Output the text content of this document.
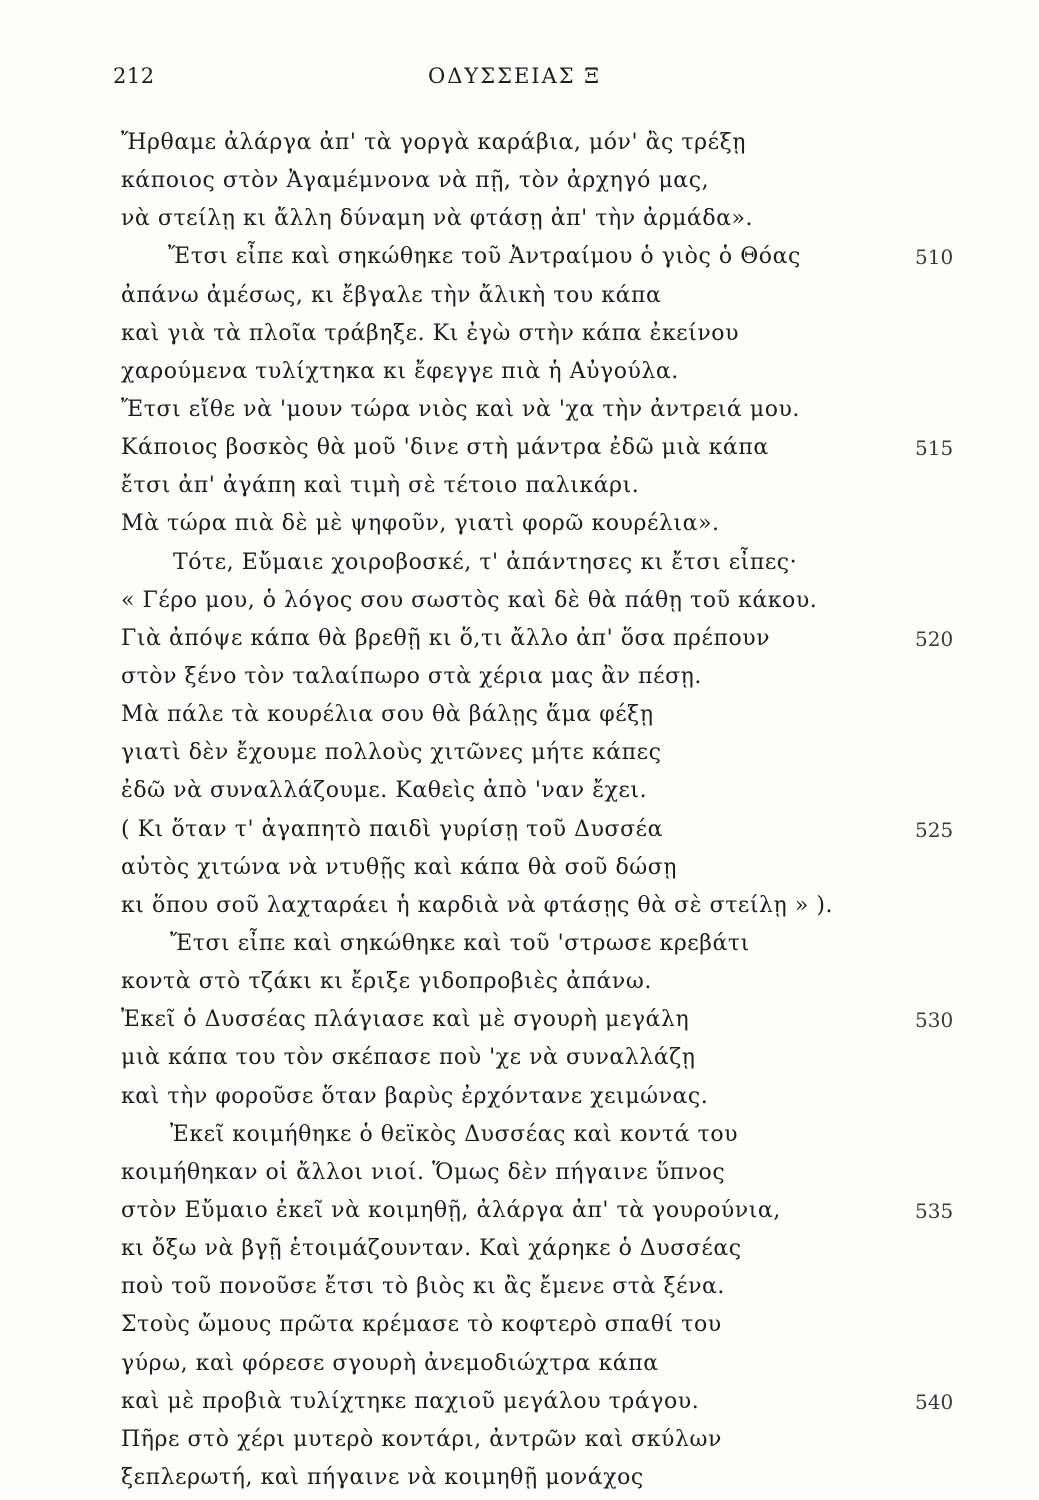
212	ΟΔΥΣΣΕΙΑΣ Ξ
Ἤρθαμε ἀλάργα ἀπ' τὰ γοργὰ καράβια, μόν' ἂς τρέξῃ
κάποιος στὸν Ἀγαμέμνονα νὰ πῇ, τὸν ἀρχηγό μας,
νὰ στείλῃ κι ἄλλη δύναμη νὰ φτάσῃ ἀπ' τὴν ἀρμάδα».
Ἔτσι εἶπε καὶ σηκώθηκε τοῦ Ἀντραίμου ὁ γιὸς ὁ Θόας	510
ἀπάνω ἀμέσως, κι ἔβγαλε τὴν ἄλικὴ του κάπα
καὶ γιὰ τὰ πλοῖα τράβηξε. Κι ἐγὼ στὴν κάπα ἐκείνου
χαρούμενα τυλίχτηκα κι ἔφεγγε πιὰ ἡ Αὐγούλα.
Ἔτσι εἴθε νὰ 'μουν τώρα νιὸς καὶ νὰ 'χα τὴν ἀντρειά μου.
Κάποιος βοσκὸς θὰ μοῦ 'δινε στὴ μάντρα ἐδῶ μιὰ κάπα	515
ἔτσι ἀπ' ἀγάπη καὶ τιμὴ σὲ τέτοιο παλικάρι.
Μὰ τώρα πιὰ δὲ μὲ ψηφοῦν, γιατὶ φορῶ κουρέλια».
Τότε, Εὔμαιε χοιροβοσκέ, τ' ἀπάντησες κι ἔτσι εἶπες·
« Γέρο μου, ὁ λόγος σου σωστὸς καὶ δὲ θὰ πάθῃ τοῦ κάκου.
Γιὰ ἀπόψε κάπα θὰ βρεθῇ κι ὅ,τι ἄλλο ἀπ' ὅσα πρέπουν	520
στὸν ξένο τὸν ταλαίπωρο στὰ χέρια μας ἂν πέσῃ.
Μὰ πάλε τὰ κουρέλια σου θὰ βάλῃς ἅμα φέξῃ
γιατὶ δὲν ἔχουμε πολλοὺς χιτῶνες μήτε κάπες
ἐδῶ νὰ συναλλάζουμε. Καθεὶς ἀπὸ 'ναν ἔχει.
( Κι ὅταν τ' ἀγαπητὸ παιδὶ γυρίσῃ τοῦ Δυσσέα	525
αὐτὸς χιτώνα νὰ ντυθῇς καὶ κάπα θὰ σοῦ δώσῃ
κι ὅπου σοῦ λαχταράει ἡ καρδιὰ νὰ φτάσῃς θὰ σὲ στείλῃ » ).
Ἔτσι εἶπε καὶ σηκώθηκε καὶ τοῦ 'στρωσε κρεβάτι
κοντὰ στὸ τζάκι κι ἔριξε γιδοπροβιὲς ἀπάνω.
Ἐκεῖ ὁ Δυσσέας πλάγιασε καὶ μὲ σγουρὴ μεγάλη	530
μιὰ κάπα του τὸν σκέπασε ποὺ 'χε νὰ συναλλάζῃ
καὶ τὴν φοροῦσε ὅταν βαρὺς ἐρχόντανε χειμώνας.
Ἐκεῖ κοιμήθηκε ὁ θεϊκὸς Δυσσέας καὶ κοντά του
κοιμήθηκαν οἱ ἄλλοι νιοί. Ὅμως δὲν πήγαινε ὕπνος
στὸν Εὔμαιο ἐκεῖ νὰ κοιμηθῇ, ἀλάργα ἀπ' τὰ γουρούνια,	535
κι ὄξω νὰ βγῇ ἑτοιμάζουνταν. Καὶ χάρηκε ὁ Δυσσέας
ποὺ τοῦ πονοῦσε ἔτσι τὸ βιὸς κι ἂς ἔμενε στὰ ξένα.
Στοὺς ὤμους πρῶτα κρέμασε τὸ κοφτερὸ σπαθί του
γύρω, καὶ φόρεσε σγουρὴ ἀνεμοδιώχτρα κάπα
καὶ μὲ προβιὰ τυλίχτηκε παχιοῦ μεγάλου τράγου.	540
Πῆρε στὸ χέρι μυτερὸ κοντάρι, ἀντρῶν καὶ σκύλων
ξεπλερωτή, καὶ πήγαινε νὰ κοιμηθῇ μονάχος
